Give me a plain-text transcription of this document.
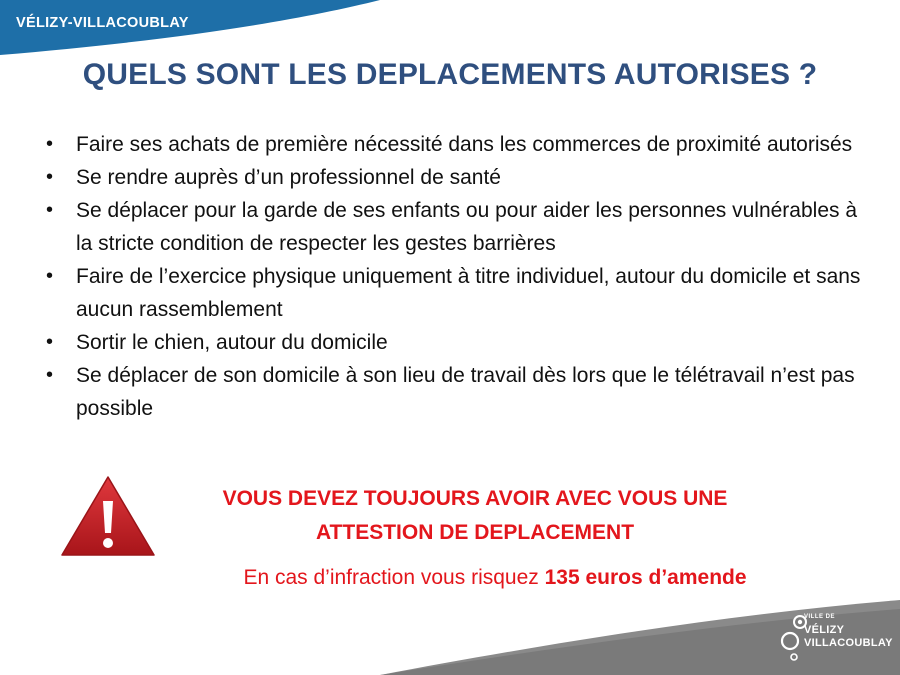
VÉLIZY-VILLACOUBLAY
QUELS SONT LES DEPLACEMENTS AUTORISES ?
• Faire ses achats de première nécessité dans les commerces de proximité autorisés
• Se rendre auprès d’un professionnel de santé
• Se déplacer pour la garde de ses enfants ou pour aider les personnes vulnérables à la stricte condition de respecter les gestes barrières
• Faire de l’exercice physique uniquement à titre individuel, autour du domicile et sans aucun rassemblement
• Sortir le chien, autour du domicile
• Se déplacer de son domicile à son lieu de travail dès lors que le télétravail n’est pas possible
VOUS DEVEZ TOUJOURS AVOIR AVEC VOUS UNE
ATTESTION DE DEPLACEMENT
En cas d’infraction vous risquez 135 euros d’amende
VILLE DE
VÉLIZY
VILLACOUBLAY
